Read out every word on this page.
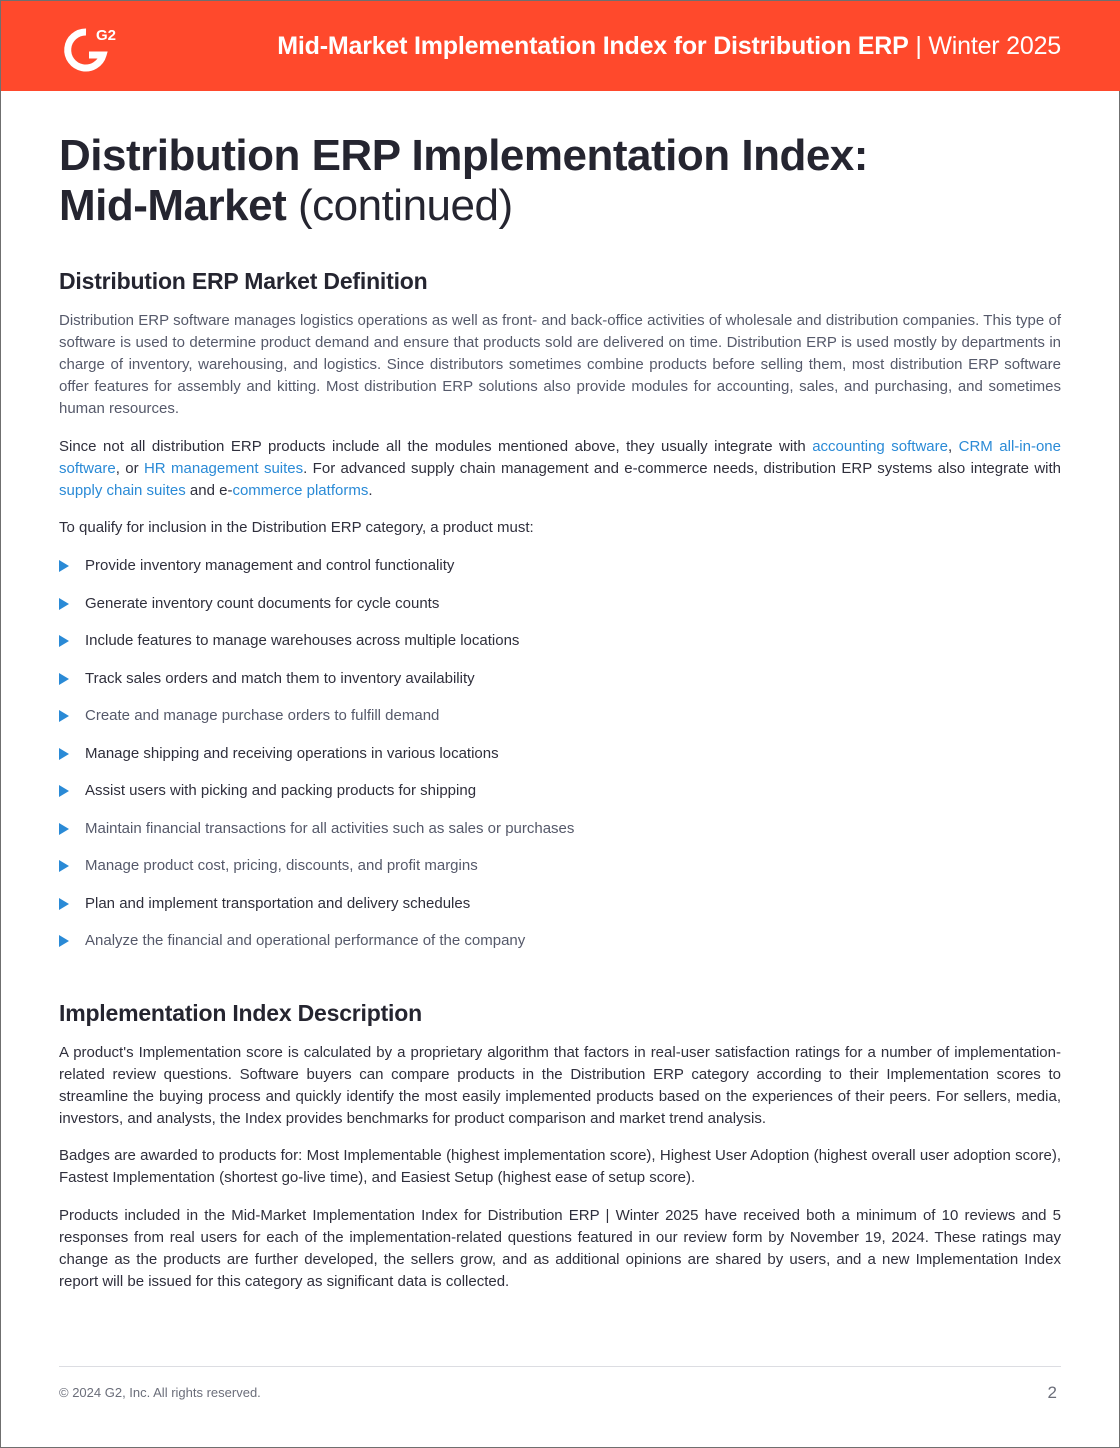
G2	Mid-Market Implementation Index for Distribution ERP | Winter 2025
Distribution ERP Implementation Index:
Mid-Market (continued)
Distribution ERP Market Definition

Distribution ERP software manages logistics operations as well as front- and back-office activities of wholesale and distribution companies. This type of software is used to determine product demand and ensure that products sold are delivered on time. Distribution ERP is used mostly by departments in charge of inventory, warehousing, and logistics. Since distributors sometimes combine products before selling them, most distribution ERP software offer features for assembly and kitting. Most distribution ERP solutions also provide modules for accounting, sales, and purchasing, and sometimes human resources.

Since not all distribution ERP products include all the modules mentioned above, they usually integrate with accounting software, CRM all-in-one software, or HR management suites. For advanced supply chain management and e-commerce needs, distribution ERP systems also integrate with supply chain suites and e-commerce platforms.

To qualify for inclusion in the Distribution ERP category, a product must:

Provide inventory management and control functionality
Generate inventory count documents for cycle counts
Include features to manage warehouses across multiple locations
Track sales orders and match them to inventory availability
Create and manage purchase orders to fulfill demand
Manage shipping and receiving operations in various locations
Assist users with picking and packing products for shipping
Maintain financial transactions for all activities such as sales or purchases
Manage product cost, pricing, discounts, and profit margins
Plan and implement transportation and delivery schedules
Analyze the financial and operational performance of the company
Implementation Index Description

A product's Implementation score is calculated by a proprietary algorithm that factors in real-user satisfaction ratings for a number of implementation-related review questions. Software buyers can compare products in the Distribution ERP category according to their Implementation scores to streamline the buying process and quickly identify the most easily implemented products based on the experiences of their peers. For sellers, media, investors, and analysts, the Index provides benchmarks for product comparison and market trend analysis.

Badges are awarded to products for: Most Implementable (highest implementation score), Highest User Adoption (highest overall user adoption score), Fastest Implementation (shortest go-live time), and Easiest Setup (highest ease of setup score).

Products included in the Mid-Market Implementation Index for Distribution ERP | Winter 2025 have received both a minimum of 10 reviews and 5 responses from real users for each of the implementation-related questions featured in our review form by November 19, 2024. These ratings may change as the products are further developed, the sellers grow, and as additional opinions are shared by users, and a new Implementation Index report will be issued for this category as significant data is collected.

© 2024 G2, Inc. All rights reserved.	2
